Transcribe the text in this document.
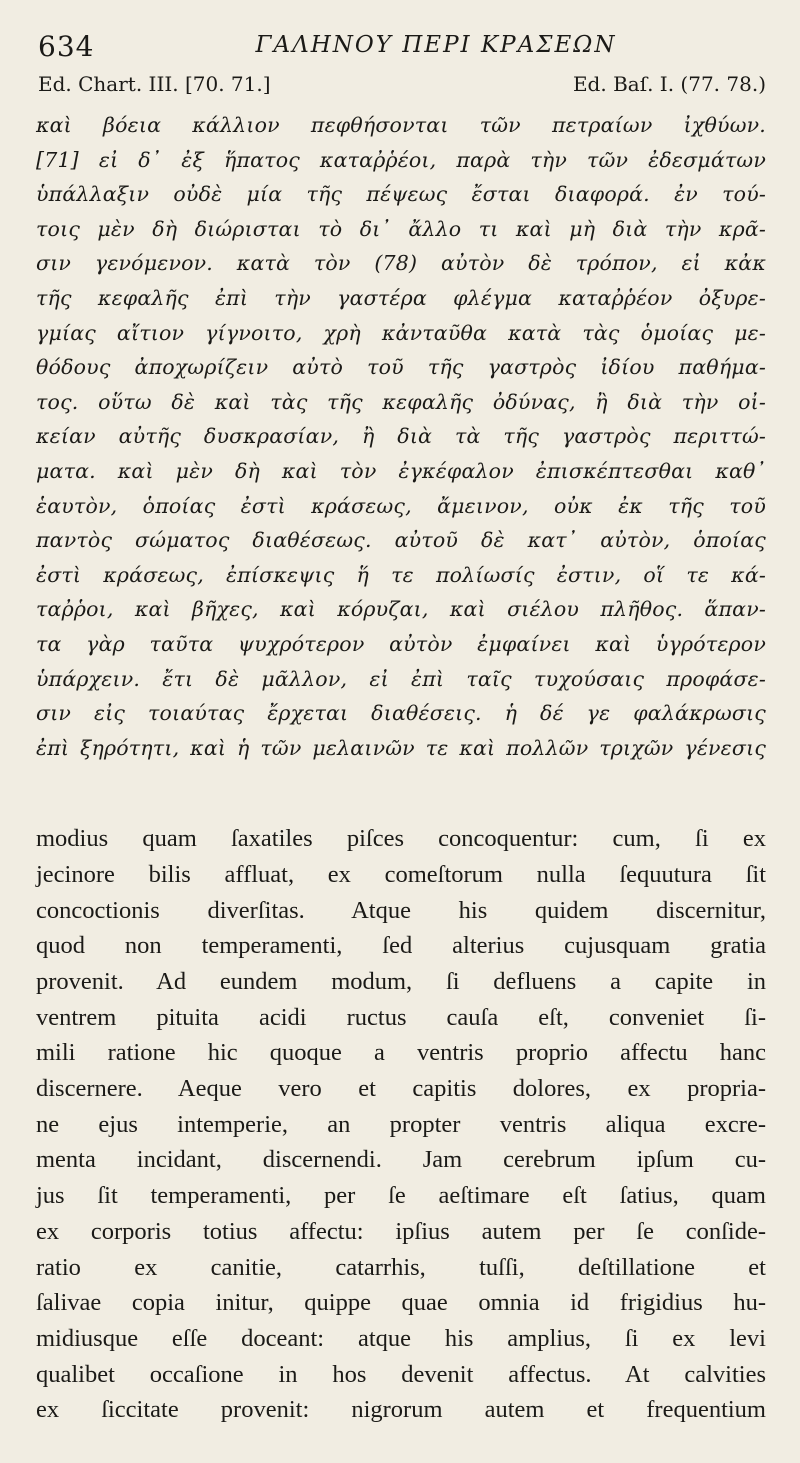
634	ΓΑΛΗΝΟΥ ΠΕΡΙ ΚΡΑΣΕΩΝ
Ed. Chart. III. [70. 71.]	Ed. Baſ. I. (77. 78.)
καὶ βόεια κάλλιον πεφθήσονται τῶν πετραίων ἰχθύων.
[71] εἰ δ᾽ ἐξ ἥπατος καταῤῥέοι, παρὰ τὴν τῶν ἐδεσμάτων
ὑπάλλαξιν οὐδὲ μία τῆς πέψεως ἔσται διαφορά. ἐν τού-
τοις μὲν δὴ διώρισται τὸ δι᾽ ἄλλο τι καὶ μὴ διὰ τὴν κρᾶ-
σιν γενόμενον. κατὰ τὸν (78) αὐτὸν δὲ τρόπον, εἰ κἀκ
τῆς κεφαλῆς ἐπὶ τὴν γαστέρα φλέγμα καταῤῥέον ὀξυρε-
γμίας αἴτιον γίγνοιτο, χρὴ κἀνταῦθα κατὰ τὰς ὁμοίας με-
θόδους ἀποχωρίζειν αὐτὸ τοῦ τῆς γαστρὸς ἰδίου παθήμα-
τος. οὕτω δὲ καὶ τὰς τῆς κεφαλῆς ὀδύνας, ἢ διὰ τὴν οἰ-
κείαν αὐτῆς δυσκρασίαν, ἢ διὰ τὰ τῆς γαστρὸς περιττώ-
ματα. καὶ μὲν δὴ καὶ τὸν ἐγκέφαλον ἐπισκέπτεσθαι καθ᾽
ἑαυτὸν, ὁποίας ἐστὶ κράσεως, ἄμεινον, οὐκ ἐκ τῆς τοῦ
παντὸς σώματος διαθέσεως. αὐτοῦ δὲ κατ᾽ αὐτὸν, ὁποίας
ἐστὶ κράσεως, ἐπίσκεψις ἥ τε πολίωσίς ἐστιν, οἵ τε κά-
ταῤῥοι, καὶ βῆχες, καὶ κόρυζαι, καὶ σιέλου πλῆθος. ἅπαν-
τα γὰρ ταῦτα ψυχρότερον αὐτὸν ἐμφαίνει καὶ ὑγρότερον
ὑπάρχειν. ἔτι δὲ μᾶλλον, εἰ ἐπὶ ταῖς τυχούσαις προφάσε-
σιν εἰς τοιαύτας ἔρχεται διαθέσεις. ἡ δέ γε φαλάκρωσις
ἐπὶ ξηρότητι, καὶ ἡ τῶν μελαινῶν τε καὶ πολλῶν τριχῶν γένεσις
modius quam ſaxatiles piſces concoquentur: cum, ſi ex
jecinore bilis affluat, ex comeſtorum nulla ſequutura ſit
concoctionis diverſitas. Atque his quidem discernitur,
quod non temperamenti, ſed alterius cujusquam gratia
provenit. Ad eundem modum, ſi defluens a capite in
ventrem pituita acidi ructus cauſa eſt, conveniet ſi-
mili ratione hic quoque a ventris proprio affectu hanc
discernere. Aeque vero et capitis dolores, ex propria-
ne ejus intemperie, an propter ventris aliqua excre-
menta incidant, discernendi. Jam cerebrum ipſum cu-
jus ſit temperamenti, per ſe aeſtimare eſt ſatius, quam
ex corporis totius affectu: ipſius autem per ſe conſide-
ratio ex canitie, catarrhis, tuſſi, deſtillatione et
ſalivae copia initur, quippe quae omnia id frigidius hu-
midiusque eſſe doceant: atque his amplius, ſi ex levi
qualibet occaſione in hos devenit affectus. At calvities
ex ſiccitate provenit: nigrorum autem et frequentium
